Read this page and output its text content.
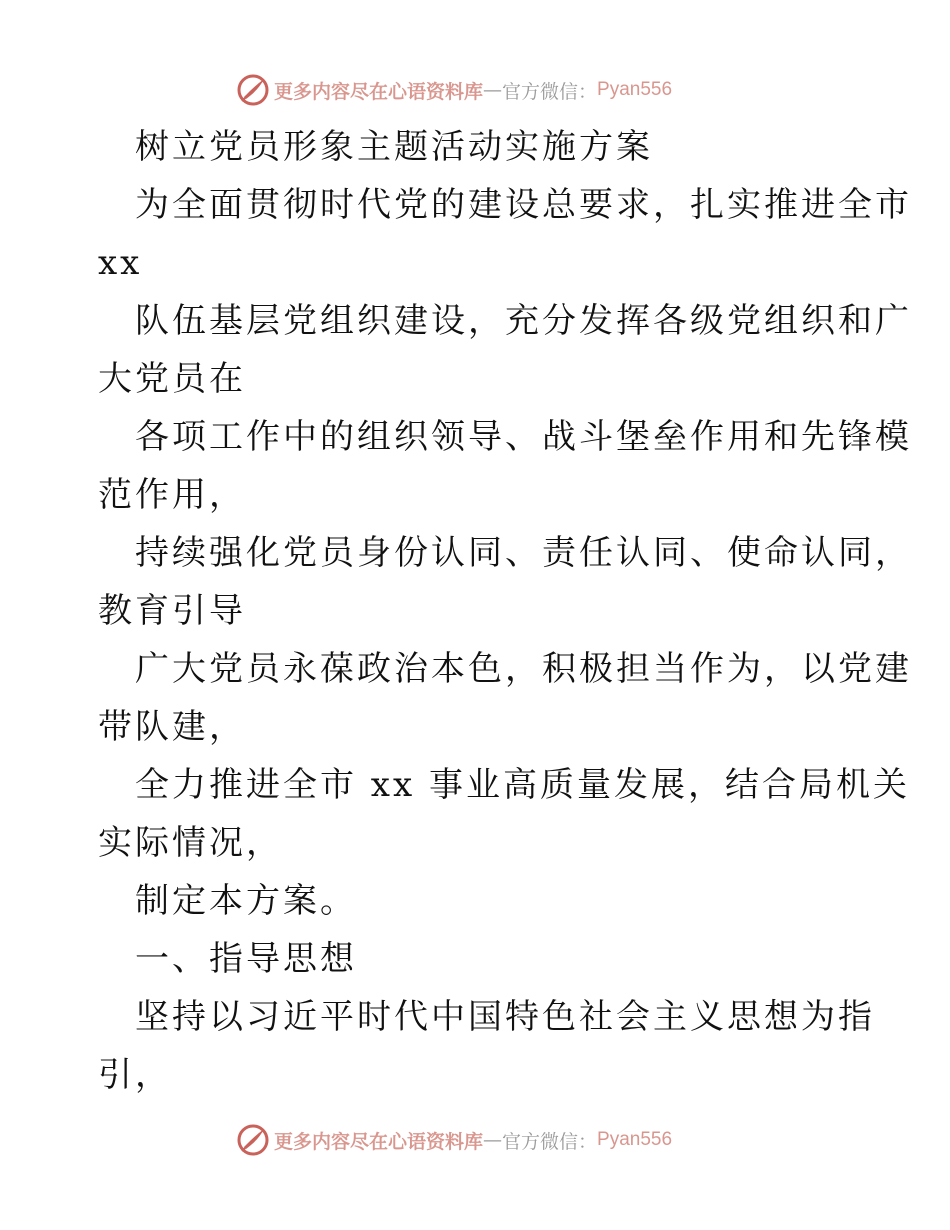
更多内容尽在心语资料库 — 官方微信： Pyan556
树立党员形象主题活动实施方案
为全面贯彻时代党的建设总要求，扎实推进全市
xx
队伍基层党组织建设，充分发挥各级党组织和广
大党员在
各项工作中的组织领导、战斗堡垒作用和先锋模
范作用，
持续强化党员身份认同、责任认同、使命认同，
教育引导
广大党员永葆政治本色，积极担当作为，以党建
带队建，
全力推进全市 xx 事业高质量发展，结合局机关
实际情况，
制定本方案。
一、指导思想
坚持以习近平时代中国特色社会主义思想为指
引，
更多内容尽在心语资料库 — 官方微信： Pyan556
